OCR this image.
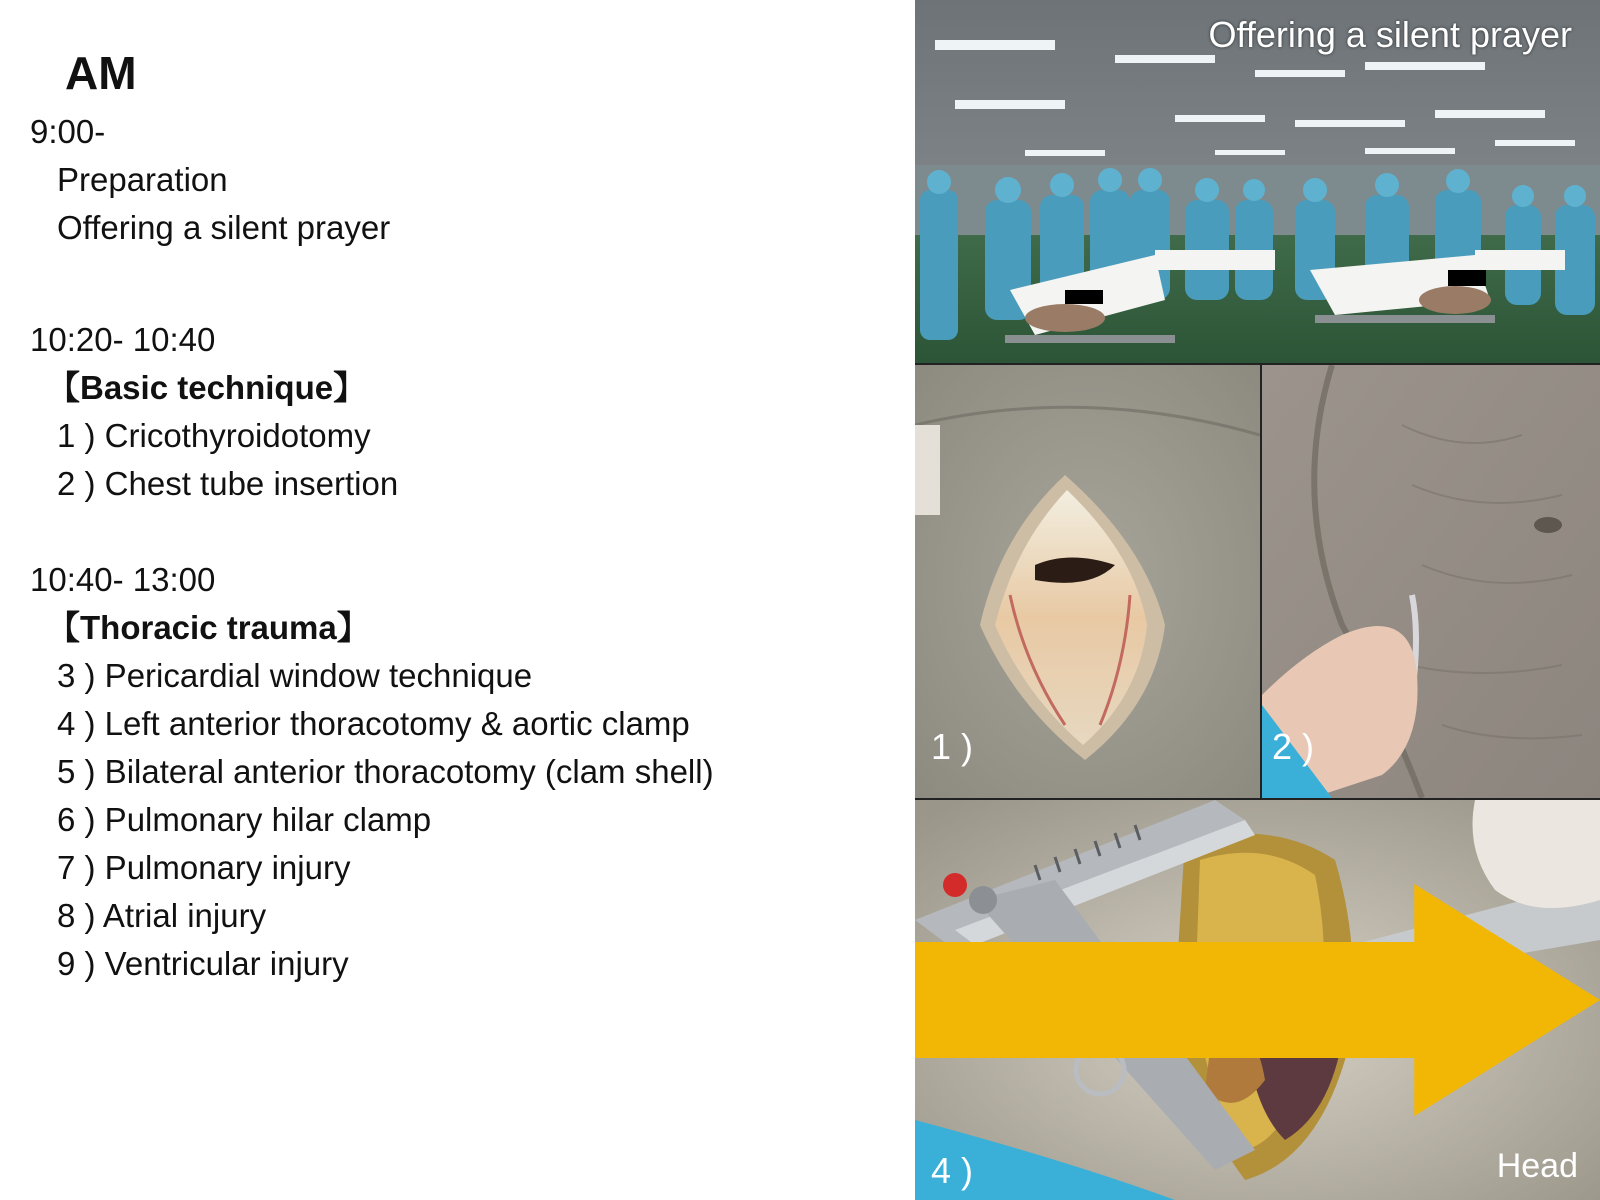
AM
9:00-
Preparation
Offering a silent prayer
10:20- 10:40
【Basic technique】
1 ) Cricothyroidotomy
2 ) Chest tube insertion
10:40- 13:00
【Thoracic trauma】
3 ) Pericardial window technique
4 ) Left anterior thoracotomy & aortic clamp
5 ) Bilateral anterior thoracotomy (clam shell)
6 ) Pulmonary hilar clamp
7 ) Pulmonary injury
8 ) Atrial injury
9 ) Ventricular injury
Offering a silent prayer
1 )	2 )
Head
4 )
